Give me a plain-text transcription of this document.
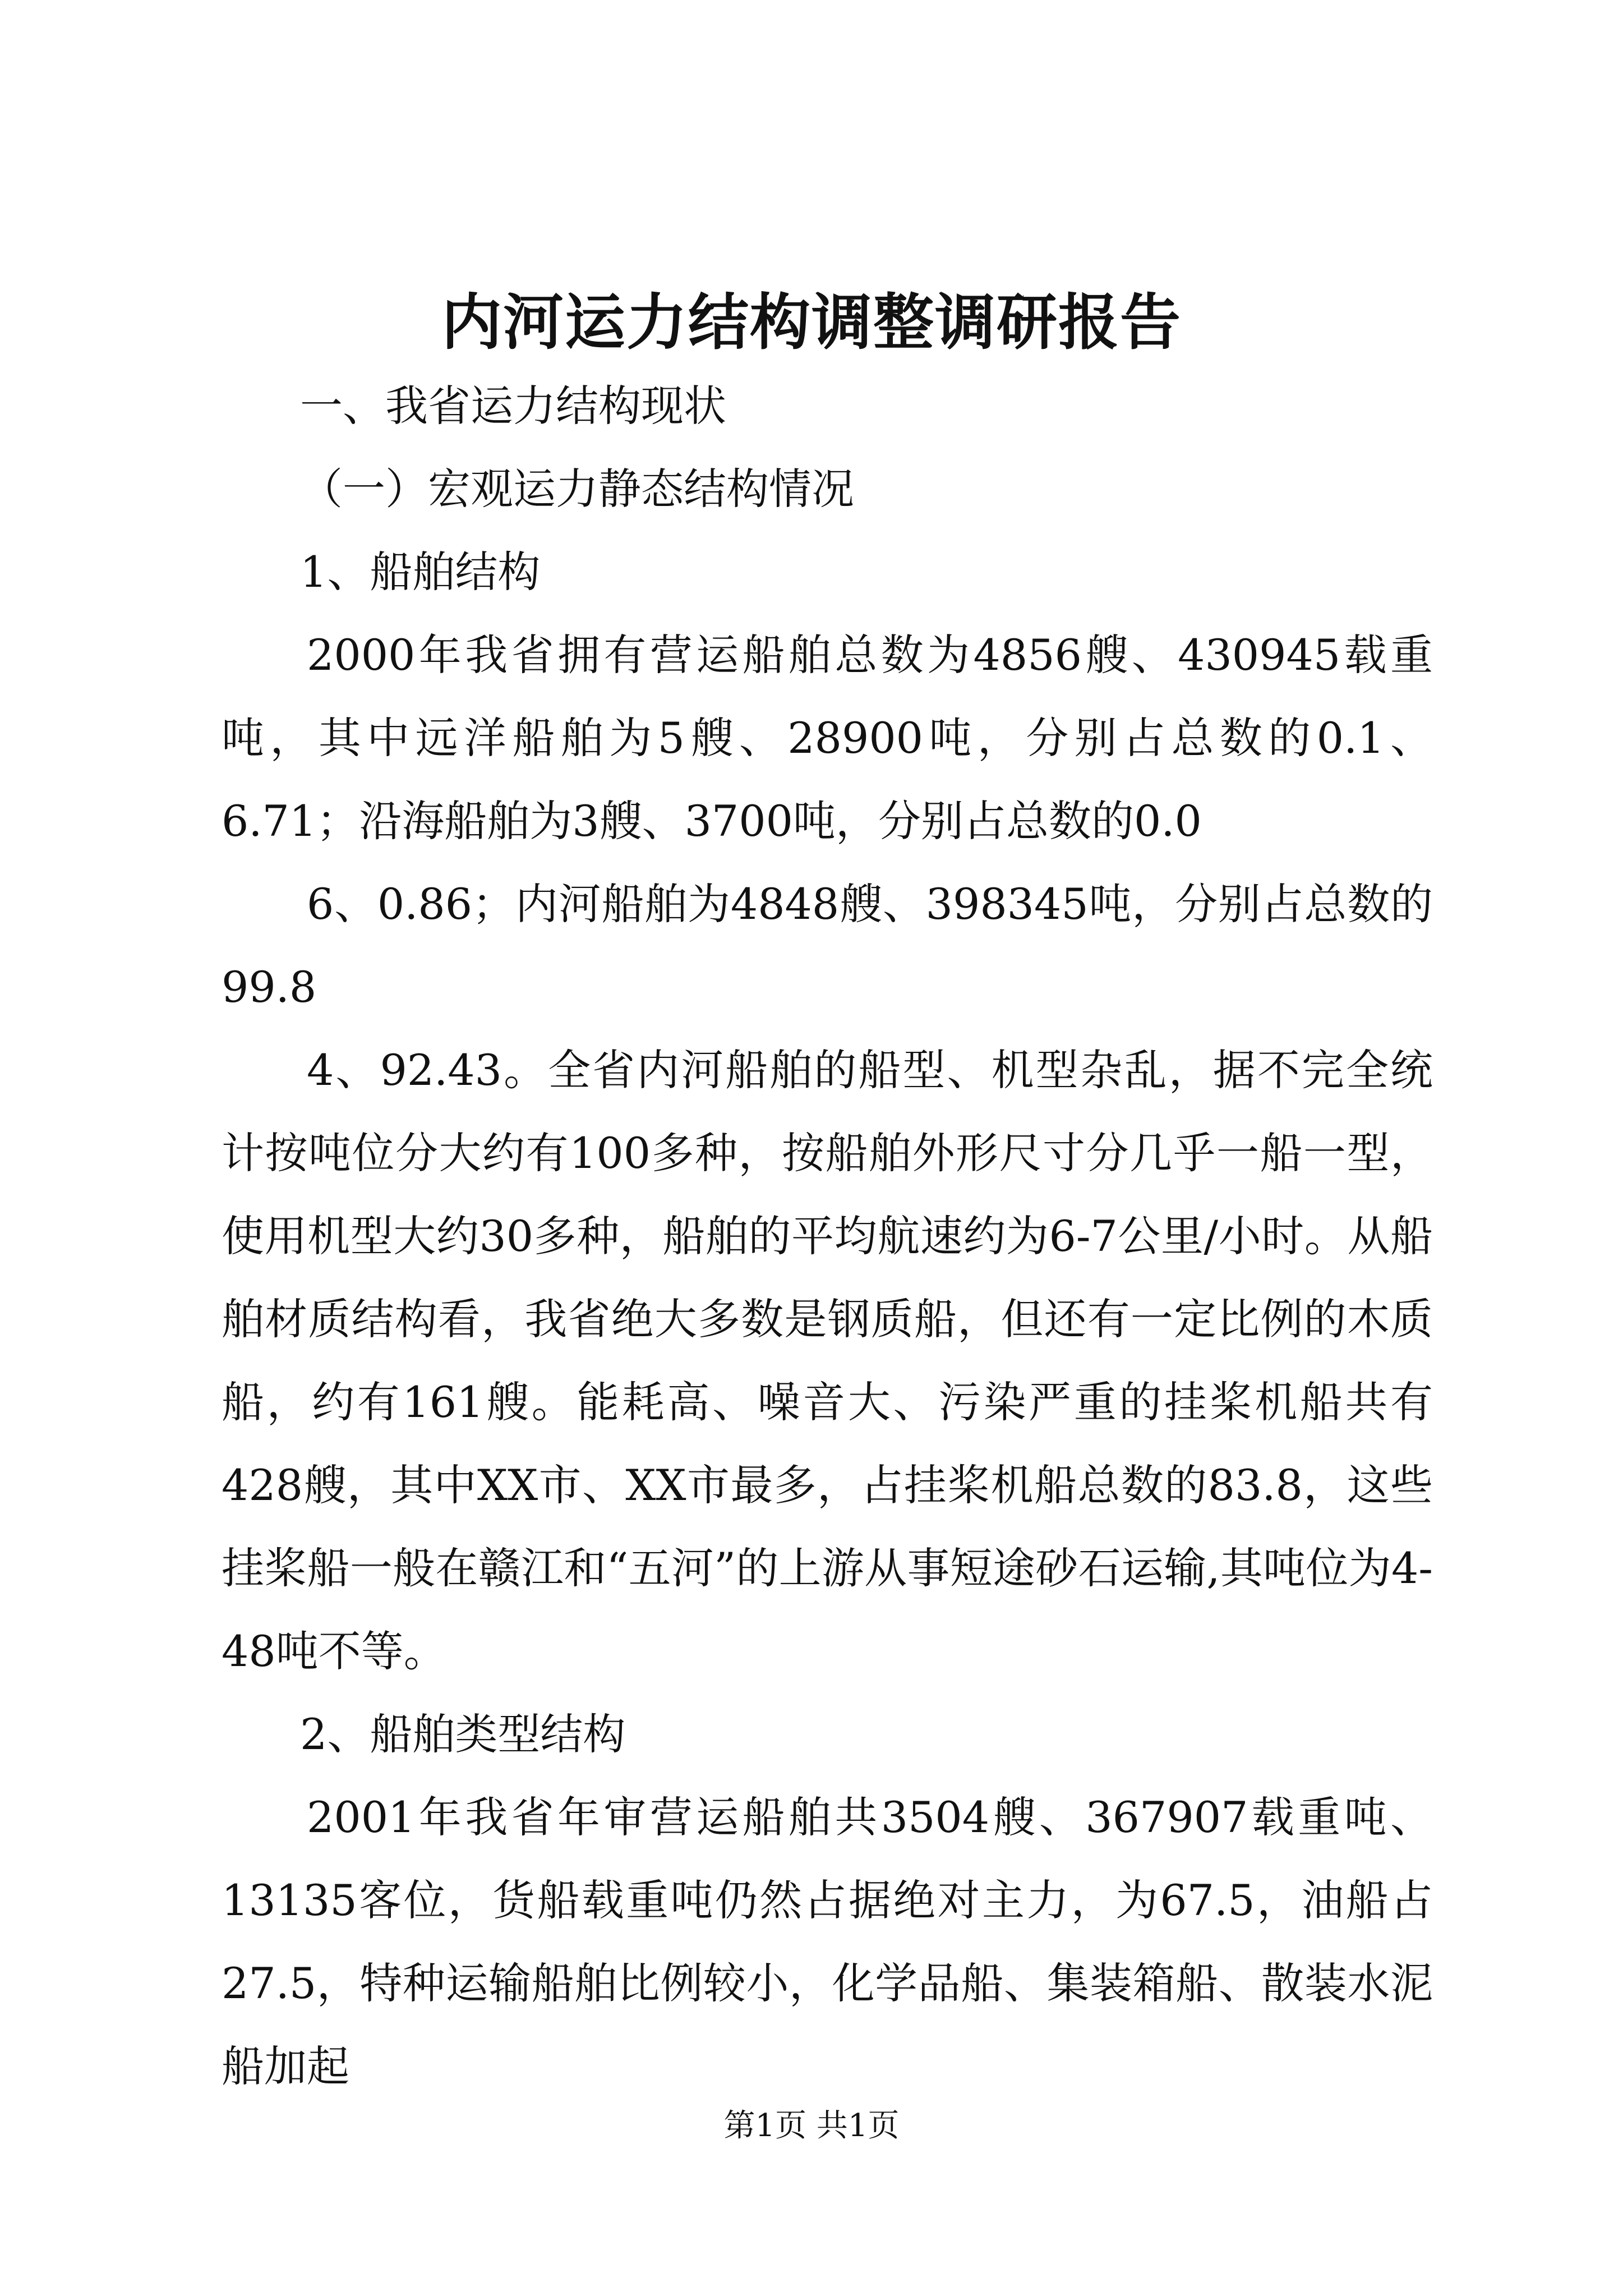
内河运力结构调整调研报告

一、我省运力结构现状

（一）宏观运力静态结构情况

1、船舶结构

2000年我省拥有营运船舶总数为4856艘、430945载重吨，其中远洋船舶为5艘、28900吨，分别占总数的0.1、6.71；沿海船舶为3艘、3700吨，分别占总数的0.0

6、0.86；内河船舶为4848艘、398345吨，分别占总数的99.8

4、92.43。全省内河船舶的船型、机型杂乱，据不完全统计按吨位分大约有100多种，按船舶外形尺寸分几乎一船一型，使用机型大约30多种，船舶的平均航速约为6-7公里/小时。从船舶材质结构看，我省绝大多数是钢质船，但还有一定比例的木质船，约有161艘。能耗高、噪音大、污染严重的挂桨机船共有428艘，其中XX市、XX市最多，占挂桨机船总数的83.8，这些挂桨船一般在赣江和“五河”的上游从事短途砂石运输,其吨位为4-48吨不等。

2、船舶类型结构

2001年我省年审营运船舶共3504艘、367907载重吨、13135客位，货船载重吨仍然占据绝对主力，为67.5，油船占27.5，特种运输船舶比例较小，化学品船、集装箱船、散装水泥船加起

第1页 共1页
